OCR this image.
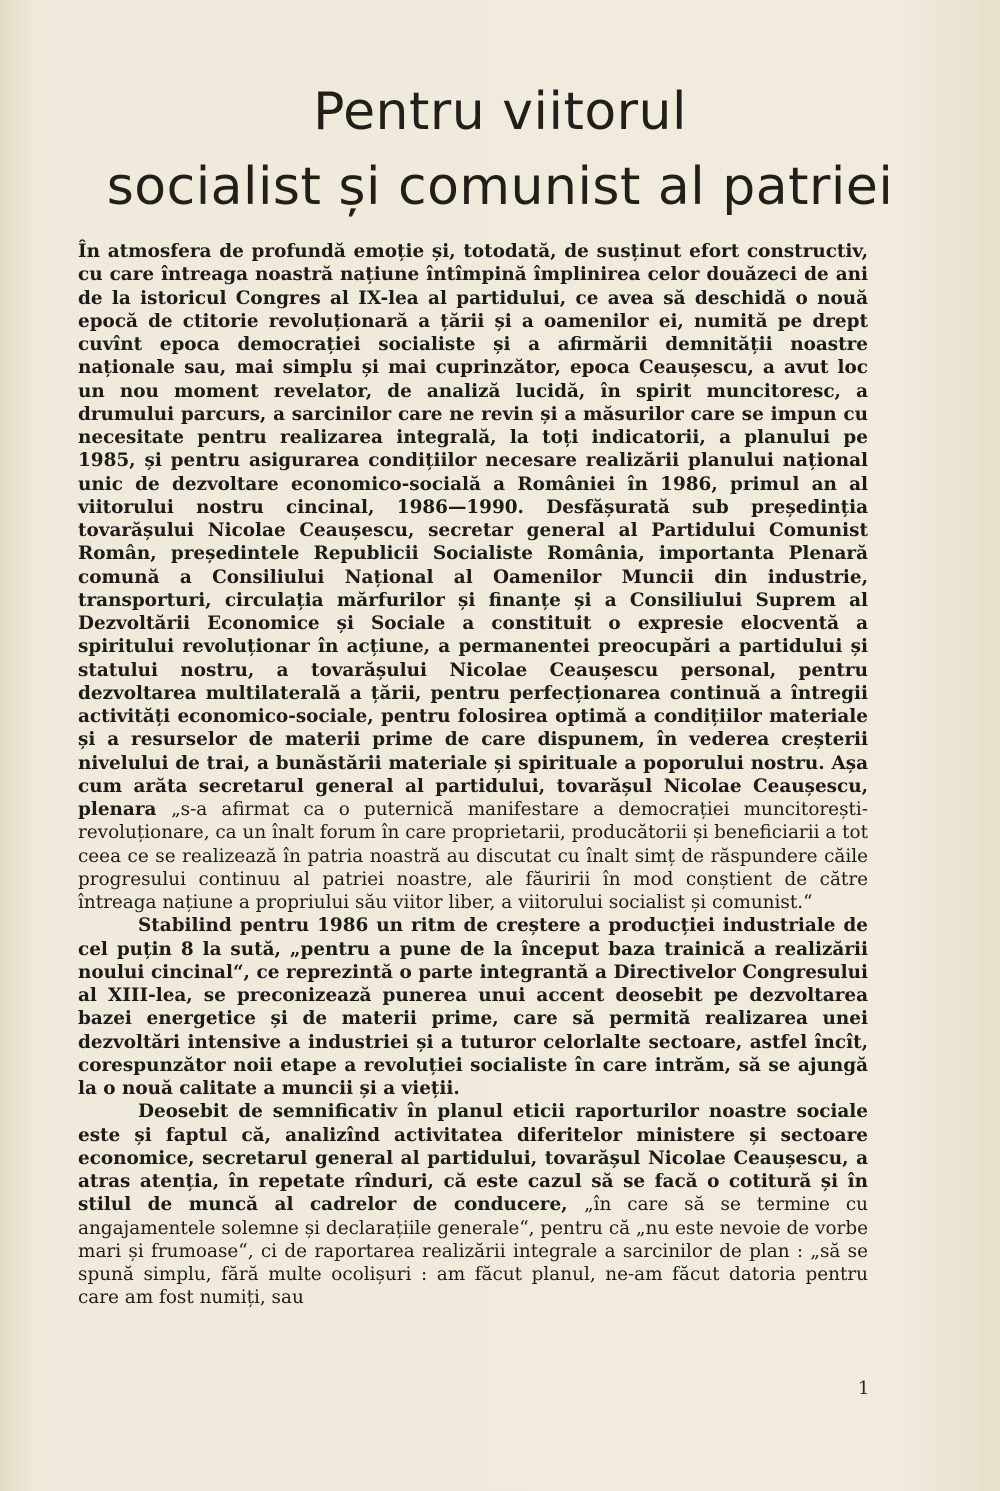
Pentru viitorul
socialist și comunist al patriei

În atmosfera de profundă emoție și, totodată, de susținut efort constructiv, cu care întreaga noastră națiune întîmpină împlinirea celor douăzeci de ani de la istoricul Congres al IX-lea al partidului, ce avea să deschidă o nouă epocă de ctitorie revoluționară a țării și a oamenilor ei, numită pe drept cuvînt epoca democrației socialiste și a afirmării demnității noastre naționale sau, mai simplu și mai cuprinzător, epoca Ceaușescu, a avut loc un nou moment revelator, de analiză lucidă, în spirit muncitoresc, a drumului parcurs, a sarcinilor care ne revin și a măsurilor care se impun cu necesitate pentru realizarea integrală, la toți indicatorii, a planului pe 1985, și pentru asigurarea condițiilor necesare realizării planului național unic de dezvoltare economico-socială a României în 1986, primul an al viitorului nostru cincinal, 1986—1990. Desfășurată sub președinția tovarășului Nicolae Ceaușescu, secretar general al Partidului Comunist Român, președintele Republicii Socialiste România, importanta Plenară comună a Consiliului Național al Oamenilor Muncii din industrie, transporturi, circulația mărfurilor și finanțe și a Consiliului Suprem al Dezvoltării Economice și Sociale a constituit o expresie elocventă a spiritului revoluționar în acțiune, a permanentei preocupări a partidului și statului nostru, a tovarășului Nicolae Ceaușescu personal, pentru dezvoltarea multilaterală a țării, pentru perfecționarea continuă a întregii activități economico-sociale, pentru folosirea optimă a condițiilor materiale și a resurselor de materii prime de care dispunem, în vederea creșterii nivelului de trai, a bunăstării materiale și spirituale a poporului nostru. Așa cum arăta secretarul general al partidului, tovarășul Nicolae Ceaușescu, plenara „s-a afirmat ca o puternică manifestare a democrației muncitorești-revoluționare, ca un înalt forum în care proprietarii, producătorii și beneficiarii a tot ceea ce se realizează în patria noastră au discutat cu înalt simț de răspundere căile progresului continuu al patriei noastre, ale făuririi în mod conștient de către întreaga națiune a propriului său viitor liber, a viitorului socialist și comunist.“

Stabilind pentru 1986 un ritm de creștere a producției industriale de cel puțin 8 la sută, „pentru a pune de la început baza trainică a realizării noului cincinal“, ce reprezintă o parte integrantă a Directivelor Congresului al XIII-lea, se preconizează punerea unui accent deosebit pe dezvoltarea bazei energetice și de materii prime, care să permită realizarea unei dezvoltări intensive a industriei și a tuturor celorlalte sectoare, astfel încît, corespunzător noii etape a revoluției socialiste în care intrăm, să se ajungă la o nouă calitate a muncii și a vieții.

Deosebit de semnificativ în planul eticii raporturilor noastre sociale este și faptul că, analizînd activitatea diferitelor ministere și sectoare economice, secretarul general al partidului, tovarășul Nicolae Ceaușescu, a atras atenția, în repetate rînduri, că este cazul să se facă o cotitură și în stilul de muncă al cadrelor de conducere, „în care să se termine cu angajamentele solemne și declarațiile generale“, pentru că „nu este nevoie de vorbe mari și frumoase“, ci de raportarea realizării integrale a sarcinilor de plan : „să se spună simplu, fără multe ocolișuri : am făcut planul, ne-am făcut datoria pentru care am fost numiți, sau

1
